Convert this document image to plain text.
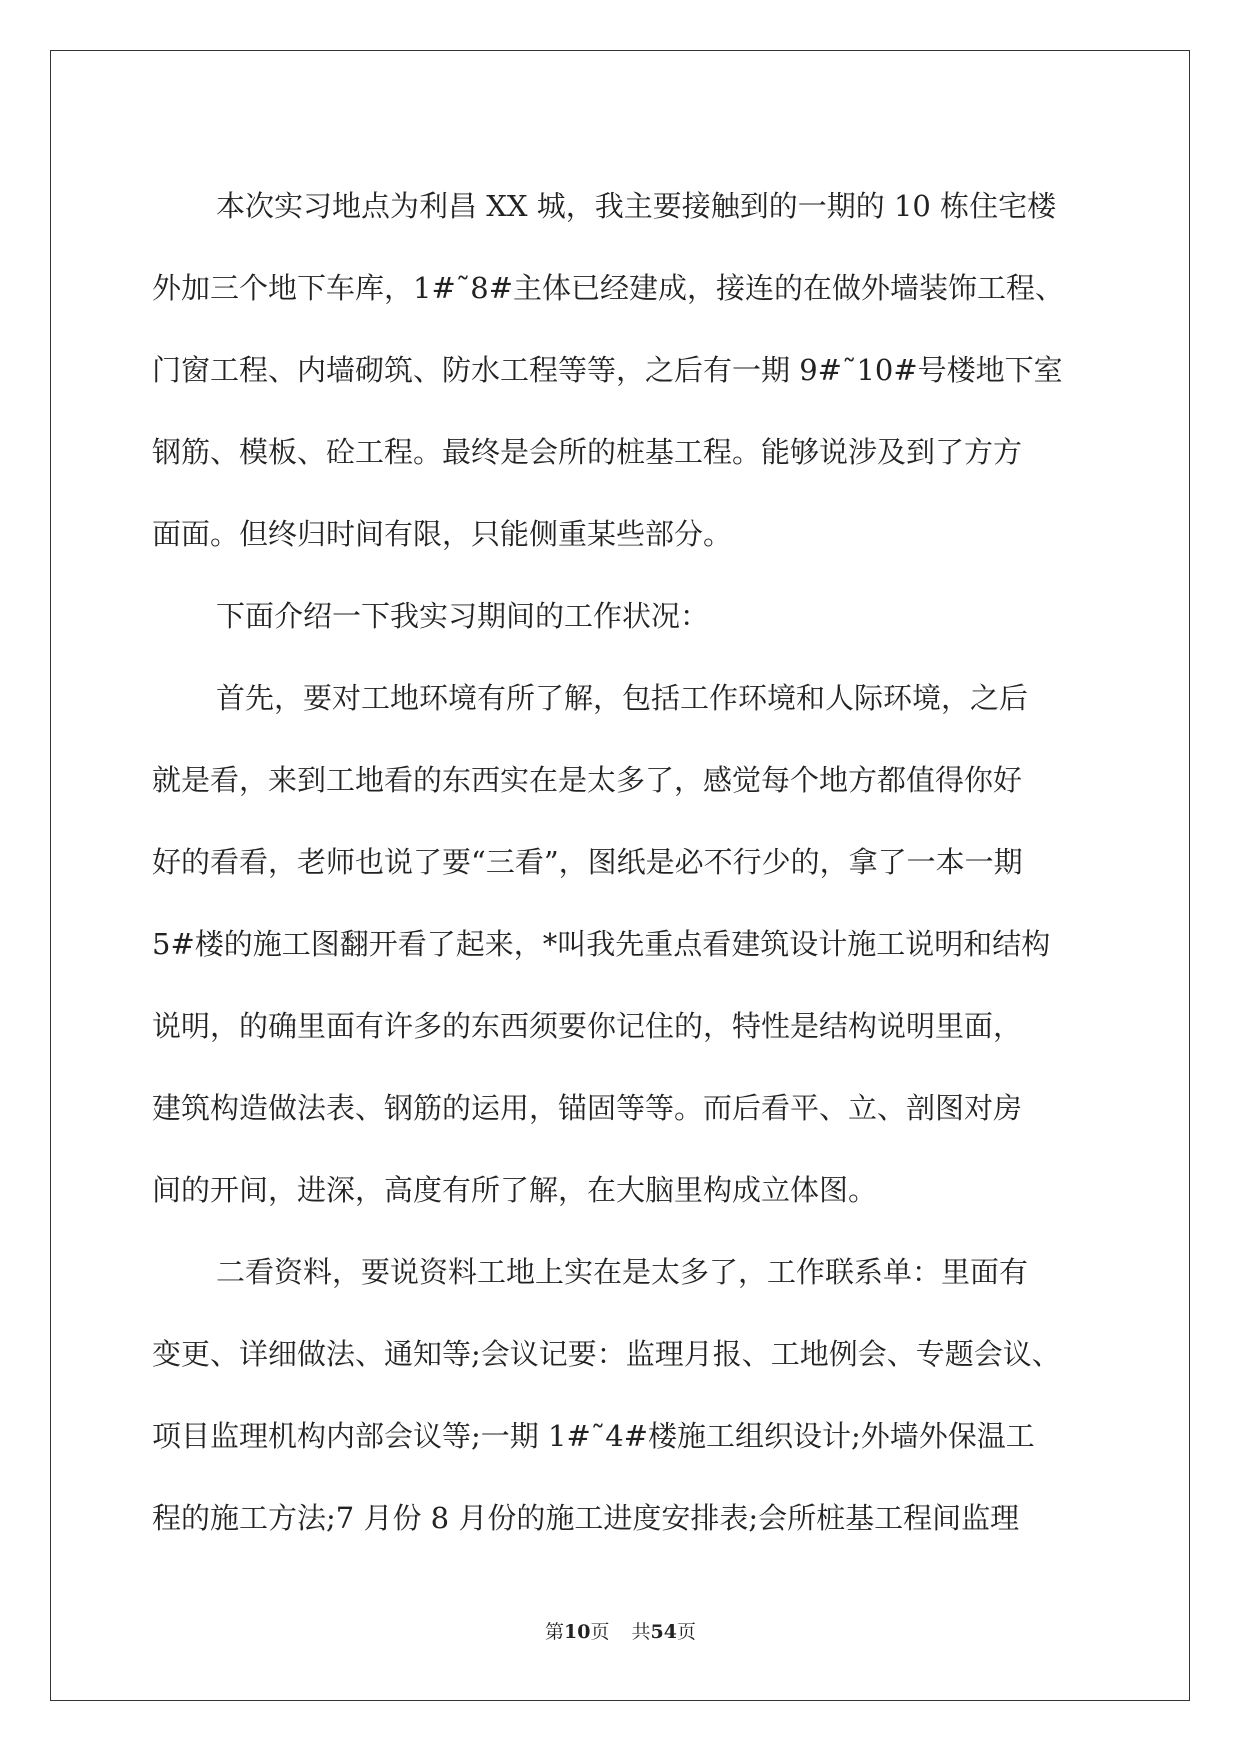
本次实习地点为利昌 XX 城，我主要接触到的一期的 10 栋住宅楼
外加三个地下车库，1#˜8#主体已经建成，接连的在做外墙装饰工程、
门窗工程、内墙砌筑、防水工程等等，之后有一期 9#˜10#号楼地下室
钢筋、模板、砼工程。最终是会所的桩基工程。能够说涉及到了方方
面面。但终归时间有限，只能侧重某些部分。
下面介绍一下我实习期间的工作状况：
首先，要对工地环境有所了解，包括工作环境和人际环境，之后
就是看，来到工地看的东西实在是太多了，感觉每个地方都值得你好
好的看看，老师也说了要“三看”，图纸是必不行少的，拿了一本一期
5#楼的施工图翻开看了起来，*叫我先重点看建筑设计施工说明和结构
说明，的确里面有许多的东西须要你记住的，特性是结构说明里面，
建筑构造做法表、钢筋的运用，锚固等等。而后看平、立、剖图对房
间的开间，进深，高度有所了解，在大脑里构成立体图。
二看资料，要说资料工地上实在是太多了，工作联系单：里面有
变更、详细做法、通知等;会议记要：监理月报、工地例会、专题会议、
项目监理机构内部会议等;一期 1#˜4#楼施工组织设计;外墙外保温工
程的施工方法;7 月份 8 月份的施工进度安排表;会所桩基工程间监理
第10页 共54页
